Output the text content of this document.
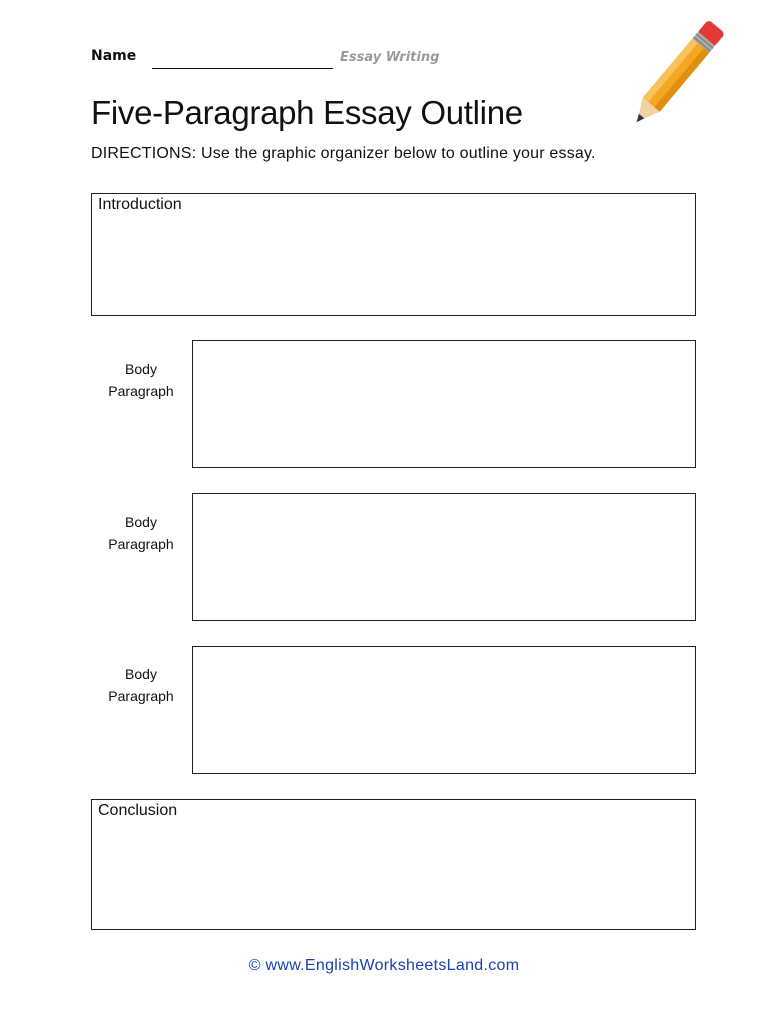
Name	Essay Writing
Five-Paragraph Essay Outline
DIRECTIONS: Use the graphic organizer below to outline your essay.
Introduction
Body
Paragraph
Body
Paragraph
Body
Paragraph
Conclusion
© www.EnglishWorksheetsLand.com
